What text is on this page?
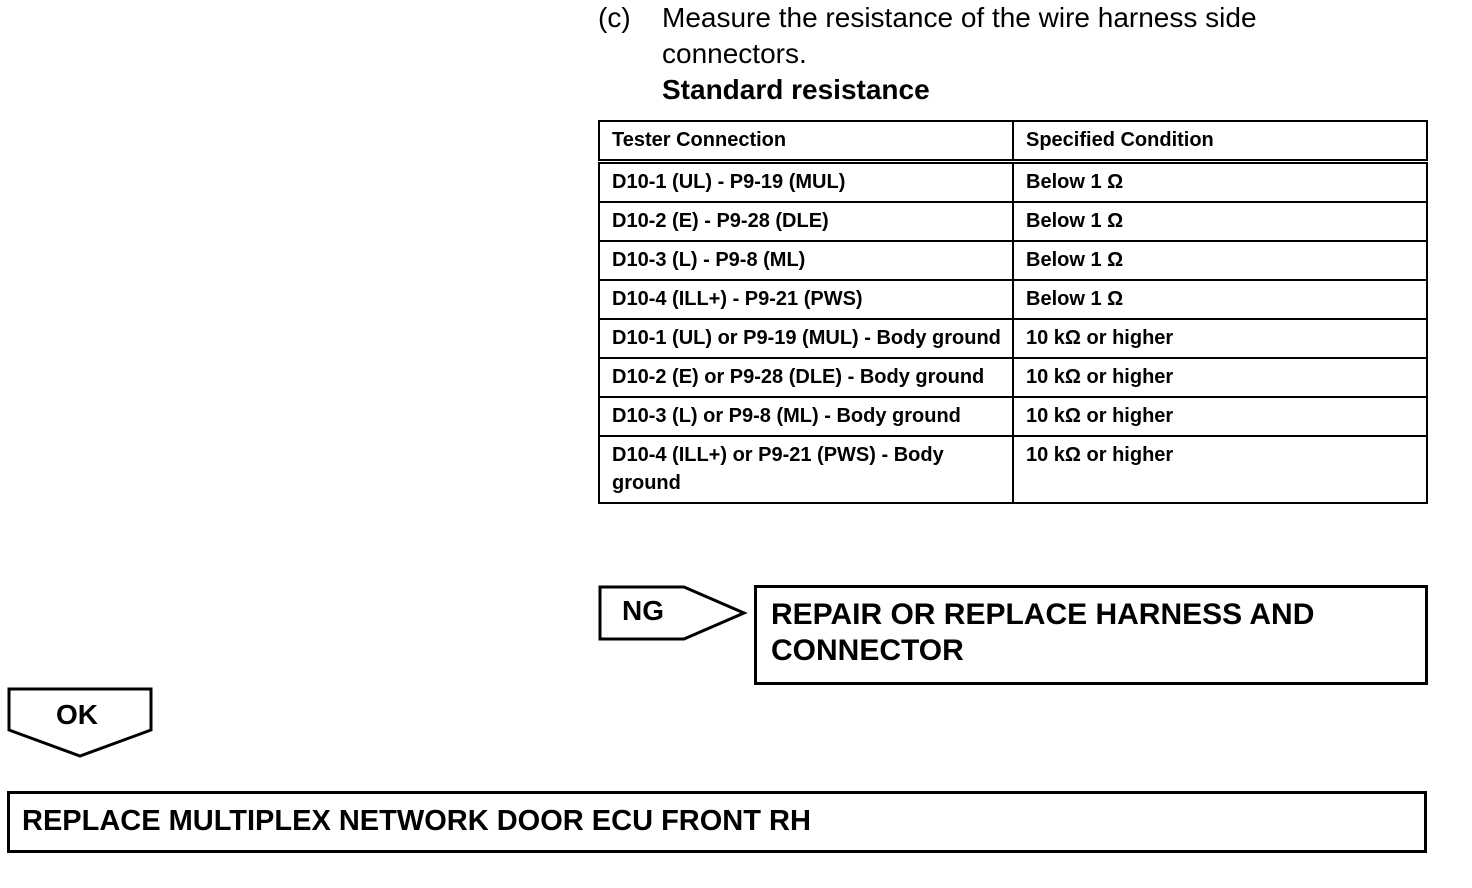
(c) Measure the resistance of the wire harness side connectors.
Standard resistance
Tester Connection	Specified Condition
D10-1 (UL) - P9-19 (MUL)	Below 1 Ω
D10-2 (E) - P9-28 (DLE)	Below 1 Ω
D10-3 (L) - P9-8 (ML)	Below 1 Ω
D10-4 (ILL+) - P9-21 (PWS)	Below 1 Ω
D10-1 (UL) or P9-19 (MUL) - Body ground	10 kΩ or higher
D10-2 (E) or P9-28 (DLE) - Body ground	10 kΩ or higher
D10-3 (L) or P9-8 (ML) - Body ground	10 kΩ or higher
D10-4 (ILL+) or P9-21 (PWS) - Body ground	10 kΩ or higher
NG	REPAIR OR REPLACE HARNESS AND CONNECTOR
OK
REPLACE MULTIPLEX NETWORK DOOR ECU FRONT RH
